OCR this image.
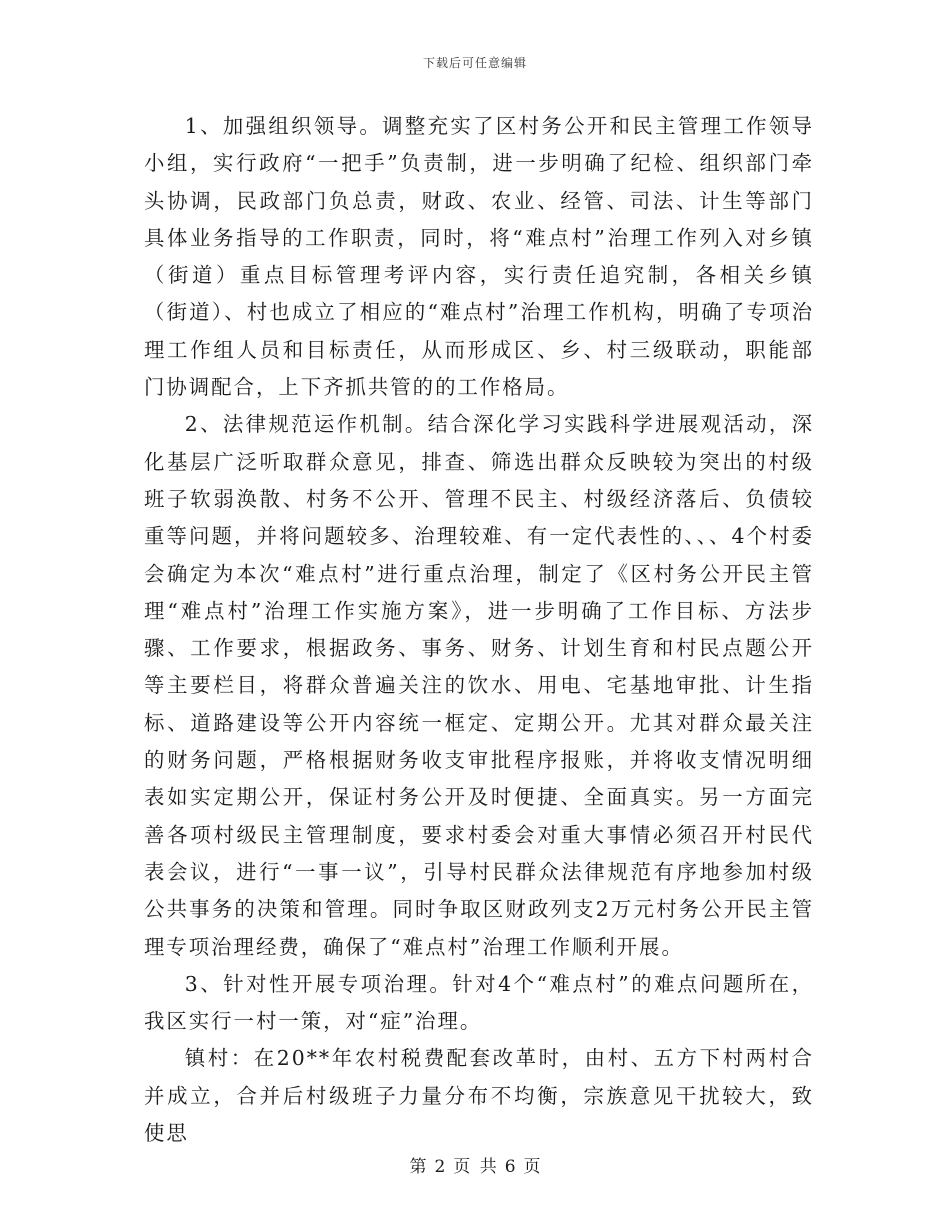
下载后可任意编辑

1、加强组织领导。调整充实了区村务公开和民主管理工作领导小组，实行政府“一把手”负责制，进一步明确了纪检、组织部门牵头协调，民政部门负总责，财政、农业、经管、司法、计生等部门具体业务指导的工作职责，同时，将“难点村”治理工作列入对乡镇（街道）重点目标管理考评内容，实行责任追究制，各相关乡镇（街道）、村也成立了相应的“难点村”治理工作机构，明确了专项治理工作组人员和目标责任，从而形成区、乡、村三级联动，职能部门协调配合，上下齐抓共管的的工作格局。

2、法律规范运作机制。结合深化学习实践科学进展观活动，深化基层广泛听取群众意见，排查、筛选出群众反映较为突出的村级班子软弱涣散、村务不公开、管理不民主、村级经济落后、负债较重等问题，并将问题较多、治理较难、有一定代表性的、、、4个村委会确定为本次“难点村”进行重点治理，制定了《区村务公开民主管理“难点村”治理工作实施方案》，进一步明确了工作目标、方法步骤、工作要求，根据政务、事务、财务、计划生育和村民点题公开等主要栏目，将群众普遍关注的饮水、用电、宅基地审批、计生指标、道路建设等公开内容统一框定、定期公开。尤其对群众最关注的财务问题，严格根据财务收支审批程序报账，并将收支情况明细表如实定期公开，保证村务公开及时便捷、全面真实。另一方面完善各项村级民主管理制度，要求村委会对重大事情必须召开村民代表会议，进行“一事一议”，引导村民群众法律规范有序地参加村级公共事务的决策和管理。同时争取区财政列支2万元村务公开民主管理专项治理经费，确保了“难点村”治理工作顺利开展。

3、针对性开展专项治理。针对4个“难点村”的难点问题所在，我区实行一村一策，对“症”治理。

镇村：在20**年农村税费配套改革时，由村、五方下村两村合并成立，合并后村级班子力量分布不均衡，宗族意见干扰较大，致使思

第 2 页 共 6 页
